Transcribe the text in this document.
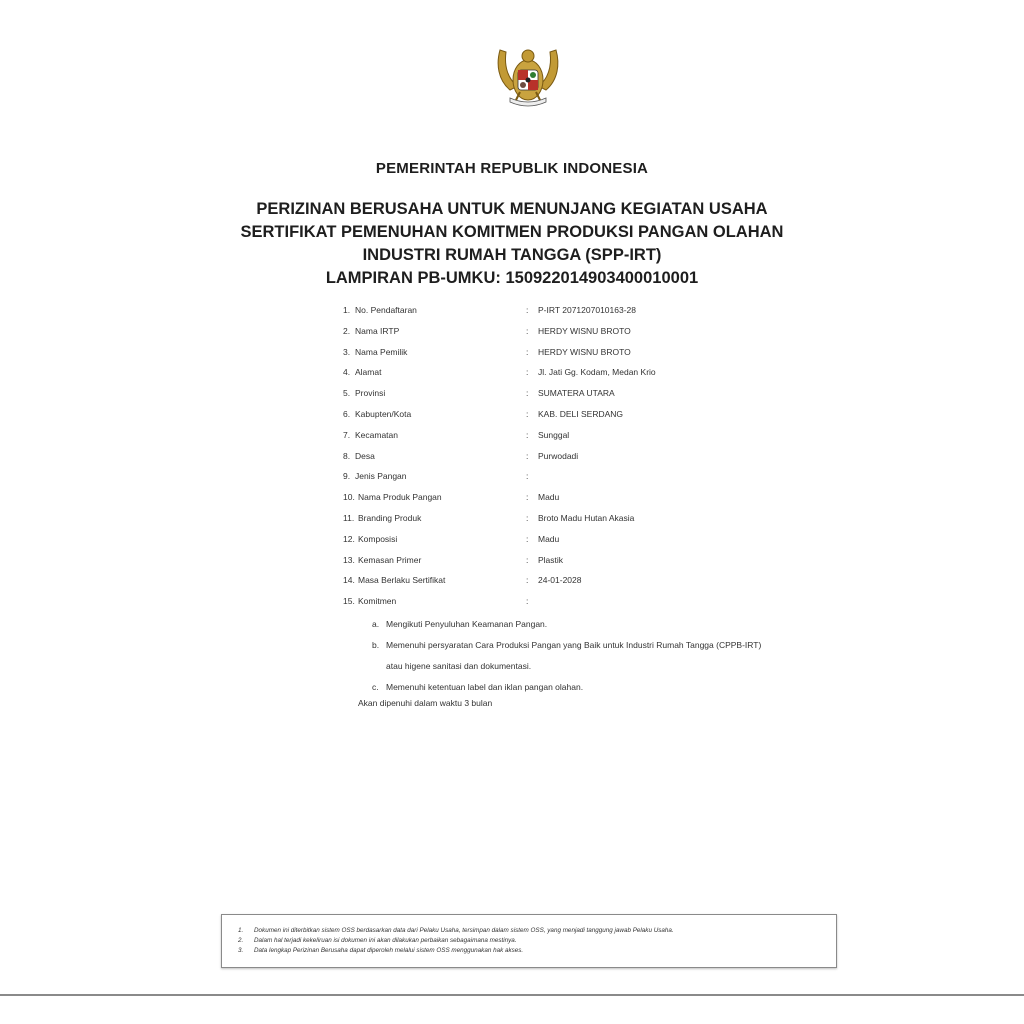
PEMERINTAH REPUBLIK INDONESIA
PERIZINAN BERUSAHA UNTUK MENUNJANG KEGIATAN USAHA
SERTIFIKAT PEMENUHAN KOMITMEN PRODUKSI PANGAN OLAHAN
INDUSTRI RUMAH TANGGA (SPP-IRT)
LAMPIRAN PB-UMKU: 150922014903400010001
1. No. Pendaftaran	: P-IRT 2071207010163-28
2. Nama IRTP	: HERDY WISNU BROTO
3. Nama Pemilik	: HERDY WISNU BROTO
4. Alamat	: Jl. Jati Gg. Kodam, Medan Krio
5. Provinsi	: SUMATERA UTARA
6. Kabupten/Kota	: KAB. DELI SERDANG
7. Kecamatan	: Sunggal
8. Desa	: Purwodadi
9. Jenis Pangan	:
10. Nama Produk Pangan	: Madu
11. Branding Produk	: Broto Madu Hutan Akasia
12. Komposisi	: Madu
13. Kemasan Primer	: Plastik
14. Masa Berlaku Sertifikat	: 24-01-2028
15. Komitmen	:
a. Mengikuti Penyuluhan Keamanan Pangan.
b. Memenuhi persyaratan Cara Produksi Pangan yang Baik untuk Industri Rumah Tangga (CPPB-IRT) atau higene sanitasi dan dokumentasi.
c. Memenuhi ketentuan label dan iklan pangan olahan.
Akan dipenuhi dalam waktu 3 bulan
1. Dokumen ini diterbitkan sistem OSS berdasarkan data dari Pelaku Usaha, tersimpan dalam sistem OSS, yang menjadi tanggung jawab Pelaku Usaha.
2. Dalam hal terjadi kekeliruan isi dokumen ini akan dilakukan perbaikan sebagaimana mestinya.
3. Data lengkap Perizinan Berusaha dapat diperoleh melalui sistem OSS menggunakan hak akses.
